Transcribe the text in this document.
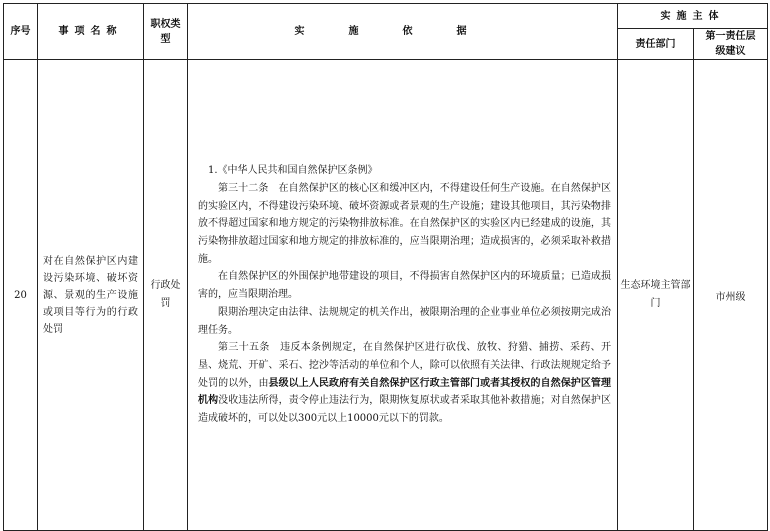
序号	事项名称	职权类型	实施依据	实施主体	
				责任部门	第一责任层级建议
20	对在自然保护区内建设污染环境、破坏资源、景观的生产设施或项目等行为的行政处罚	行政处罚	1.《中华人民共和国自然保护区条例》

第三十二条　在自然保护区的核心区和缓冲区内，不得建设任何生产设施。在自然保护区的实验区内，不得建设污染环境、破坏资源或者景观的生产设施；建设其他项目，其污染物排放不得超过国家和地方规定的污染物排放标准。在自然保护区的实验区内已经建成的设施，其污染物排放超过国家和地方规定的排放标准的，应当限期治理；造成损害的，必须采取补救措施。

在自然保护区的外围保护地带建设的项目，不得损害自然保护区内的环境质量；已造成损害的，应当限期治理。

限期治理决定由法律、法规规定的机关作出，被限期治理的企业事业单位必须按期完成治理任务。

第三十五条　违反本条例规定，在自然保护区进行砍伐、放牧、狩猎、捕捞、采药、开垦、烧荒、开矿、采石、挖沙等活动的单位和个人，除可以依照有关法律、行政法规规定给予处罚的以外，由县级以上人民政府有关自然保护区行政主管部门或者其授权的自然保护区管理机构没收违法所得，责令停止违法行为，限期恢复原状或者采取其他补救措施；对自然保护区造成破坏的，可以处以300元以上10000元以下的罚款。	生态环境主管部门	市州级
